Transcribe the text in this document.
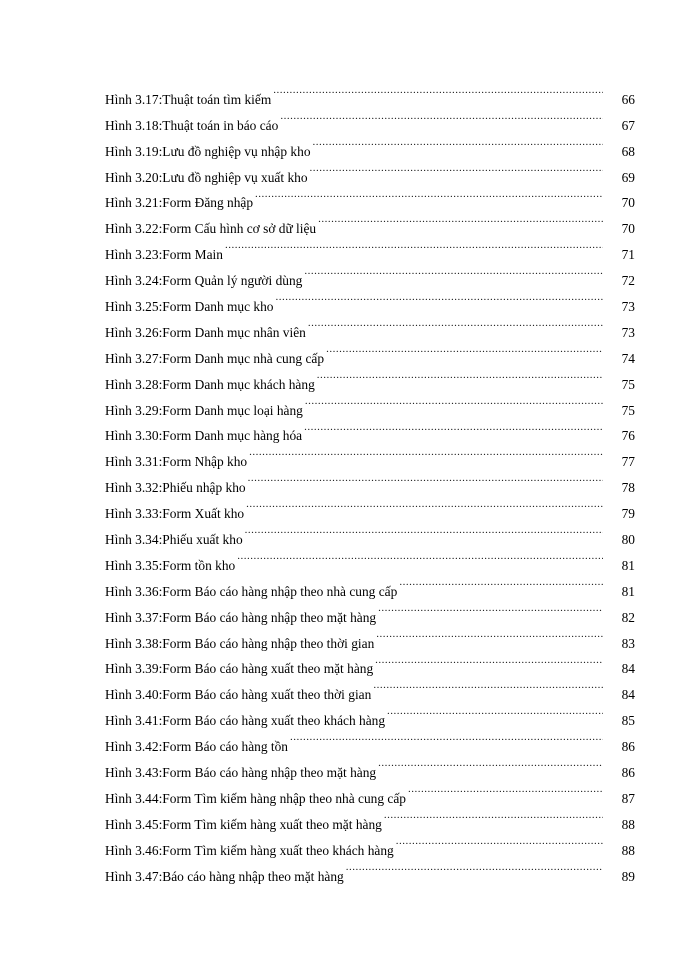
Hình 3.17: Thuật toán tìm kiếm .....	66
Hình 3.18: Thuật toán in báo cáo .....	67
Hình 3.19: Lưu đồ nghiệp vụ nhập kho .....	68
Hình 3.20: Lưu đồ nghiệp vụ xuất kho .....	69
Hình 3.21: Form Đăng nhập .....	70
Hình 3.22: Form Cấu hình cơ sở dữ liệu .....	70
Hình 3.23: Form Main .....	71
Hình 3.24: Form Quản lý người dùng .....	72
Hình 3.25: Form Danh mục kho .....	73
Hình 3.26: Form Danh mục nhân viên .....	73
Hình 3.27: Form Danh mục nhà cung cấp .....	74
Hình 3.28: Form Danh mục khách hàng .....	75
Hình 3.29: Form Danh mục loại hàng .....	75
Hình 3.30: Form Danh mục hàng hóa .....	76
Hình 3.31: Form Nhập kho .....	77
Hình 3.32: Phiếu nhập kho .....	78
Hình 3.33: Form Xuất kho .....	79
Hình 3.34: Phiếu xuất kho .....	80
Hình 3.35: Form tồn kho .....	81
Hình 3.36: Form Báo cáo hàng nhập theo nhà cung cấp .....	81
Hình 3.37: Form Báo cáo hàng nhập theo mặt hàng .....	82
Hình 3.38: Form Báo cáo hàng nhập theo thời gian .....	83
Hình 3.39: Form Báo cáo hàng xuất theo mặt hàng .....	84
Hình 3.40: Form Báo cáo hàng xuất theo thời gian .....	84
Hình 3.41: Form Báo cáo hàng xuất theo khách hàng .....	85
Hình 3.42: Form Báo cáo hàng tồn .....	86
Hình 3.43: Form Báo cáo hàng nhập theo mặt hàng .....	86
Hình 3.44: Form Tìm kiếm hàng nhập theo nhà cung cấp .....	87
Hình 3.45: Form Tìm kiếm hàng xuất theo mặt hàng .....	88
Hình 3.46: Form Tìm kiếm hàng xuất theo khách hàng .....	88
Hình 3.47: Báo cáo hàng nhập theo mặt hàng .....	89
